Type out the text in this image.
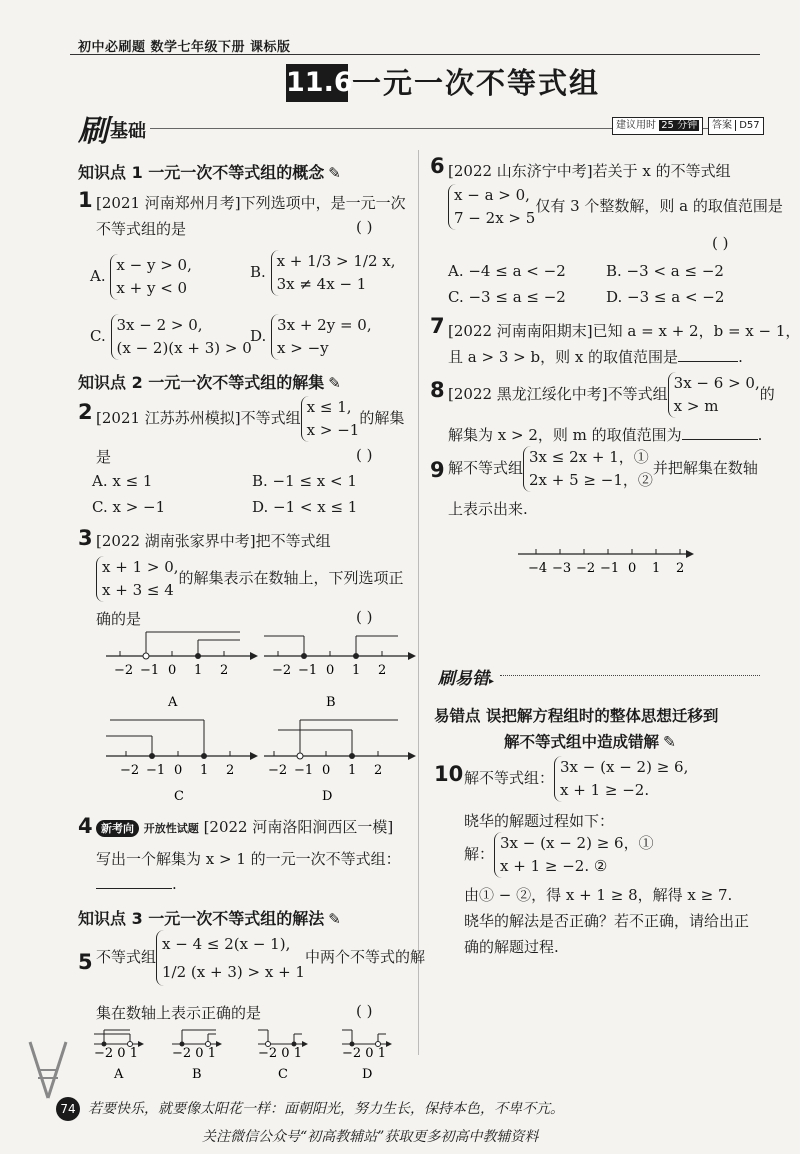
初中必刷题 数学七年级下册 课标版
11.6 一元一次不等式组
刷 基础	建议用时 25 分钟	答案 D57
知识点 1 一元一次不等式组的概念 ✎
1 [2021 河南郑州月考]下列选项中，是一元一次
不等式组的是	( )
A. x − y > 0,
x + y < 0
B. x + 1/3 > 1/2 x,
3x ≠ 4x − 1
C. 3x − 2 > 0,
(x − 2)(x + 3) > 0
D. 3x + 2y = 0,
x > −y
知识点 2 一元一次不等式组的解集 ✎
2 [2021 江苏苏州模拟]不等式组x ≤ 1,
x > −1的解集
是	( )
A. x ≤ 1	B. −1 ≤ x < 1
C. x > −1	D. −1 < x ≤ 1
3 [2022 湖南张家界中考]把不等式组
x + 1 > 0,
x + 3 ≤ 4的解集表示在数轴上，下列选项正
确的是	( )
−2 −1 0 1 2
A
−2 −1 0 1 2
B
−2 −1 0 1 2
C
−2 −1 0 1 2
D
4 新考向 开放性试题 [2022 河南洛阳涧西区一模]
写出一个解集为 x > 1 的一元一次不等式组：
.
知识点 3 一元一次不等式组的解法 ✎
5 不等式组x − 4 ≤ 2(x − 1),
1/2 (x + 3) > x + 1中两个不等式的解
集在数轴上表示正确的是	( )
−2 0 1
A
−2 0 1
B
−2 0 1
C
−2 0 1
D
6 [2022 山东济宁中考]若关于 x 的不等式组
x − a > 0,
7 − 2x > 5仅有 3 个整数解，则 a 的取值范围是
( )
A. −4 ≤ a < −2	B. −3 < a ≤ −2
C. −3 ≤ a ≤ −2	D. −3 ≤ a < −2
7 [2022 河南南阳期末]已知 a = x + 2，b = x − 1，
且 a > 3 > b，则 x 的取值范围是	.
8 [2022 黑龙江绥化中考]不等式组3x − 6 > 0,
x > m的
解集为 x > 2，则 m 的取值范围为	.
9 解不等式组3x ≤ 2x + 1，①
2x + 5 ≥ −1，②并把解集在数轴
上表示出来.
−4 −3 −2 −1 0 1 2
刷易错▸
易错点 误把解方程组时的整体思想迁移到
解不等式组中造成错解 ✎
10 解不等式组：3x − (x − 2) ≥ 6,
x + 1 ≥ −2.
晓华的解题过程如下：
解：3x − (x − 2) ≥ 6，①
x + 1 ≥ −2. ②
由① − ②，得 x + 1 ≥ 8，解得 x ≥ 7.
晓华的解法是否正确？若不正确，请给出正
确的解题过程.
74 若要快乐，就要像太阳花一样：面朝阳光，努力生长，保持本色，不卑不亢。
关注微信公众号“初高教辅站”获取更多初高中教辅资料
